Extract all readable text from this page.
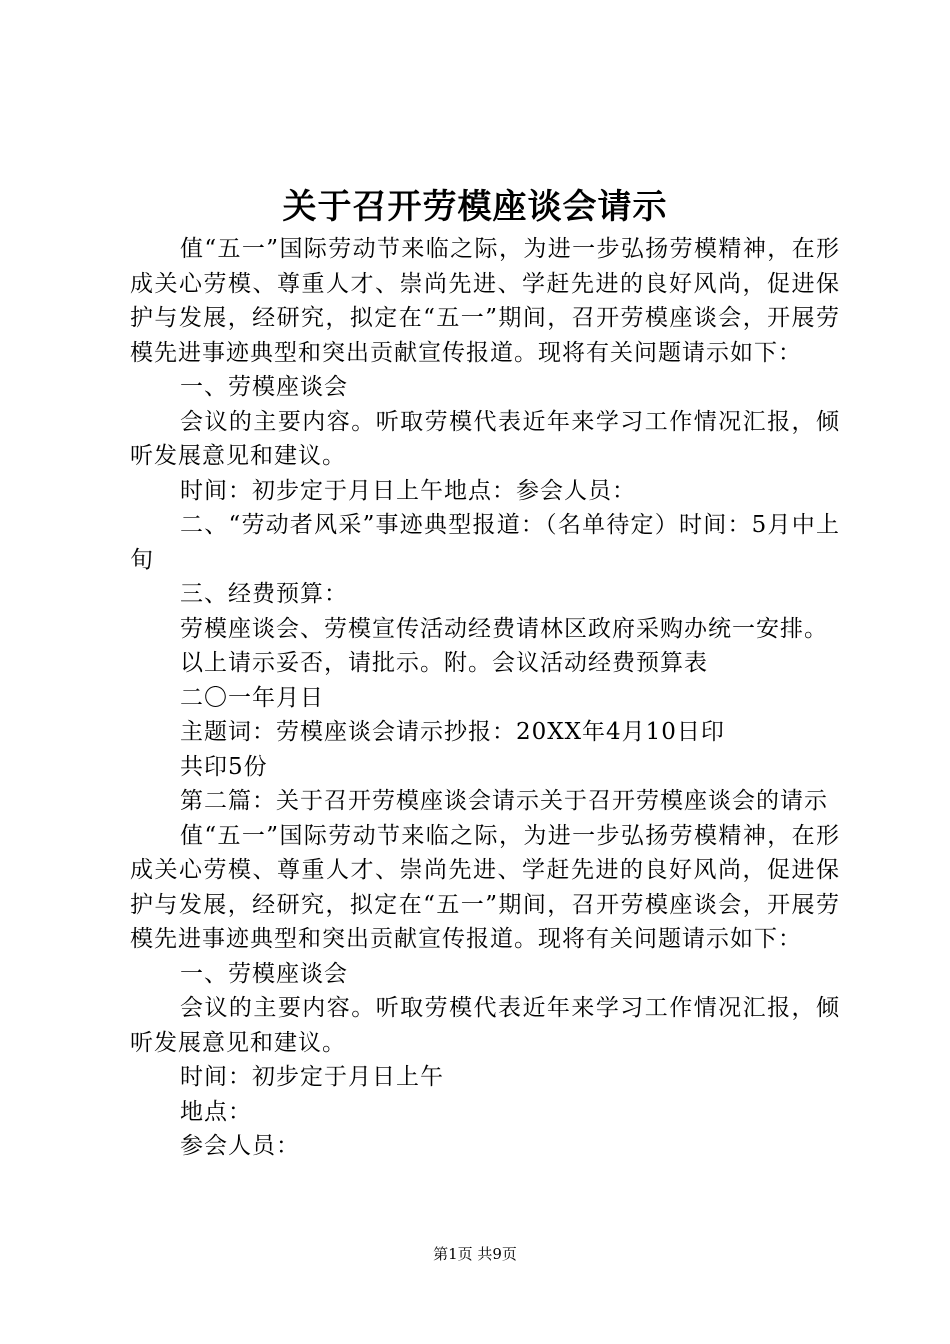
关于召开劳模座谈会请示

值“五一”国际劳动节来临之际，为进一步弘扬劳模精神，在形成关心劳模、尊重人才、崇尚先进、学赶先进的良好风尚，促进保护与发展，经研究，拟定在“五一”期间，召开劳模座谈会，开展劳模先进事迹典型和突出贡献宣传报道。现将有关问题请示如下：

一、劳模座谈会

会议的主要内容。听取劳模代表近年来学习工作情况汇报，倾听发展意见和建议。

时间：初步定于月日上午地点：参会人员：

二、“劳动者风采”事迹典型报道：（名单待定）时间：5月中上旬

三、经费预算：

劳模座谈会、劳模宣传活动经费请林区政府采购办统一安排。

以上请示妥否，请批示。附。会议活动经费预算表

二〇一年月日

主题词：劳模座谈会请示抄报：20XX年4月10日印

共印5份

第二篇：关于召开劳模座谈会请示关于召开劳模座谈会的请示

值“五一”国际劳动节来临之际，为进一步弘扬劳模精神，在形成关心劳模、尊重人才、崇尚先进、学赶先进的良好风尚，促进保护与发展，经研究，拟定在“五一”期间，召开劳模座谈会，开展劳模先进事迹典型和突出贡献宣传报道。现将有关问题请示如下：

一、劳模座谈会

会议的主要内容。听取劳模代表近年来学习工作情况汇报，倾听发展意见和建议。

时间：初步定于月日上午

地点：

参会人员：

第1页 共9页
